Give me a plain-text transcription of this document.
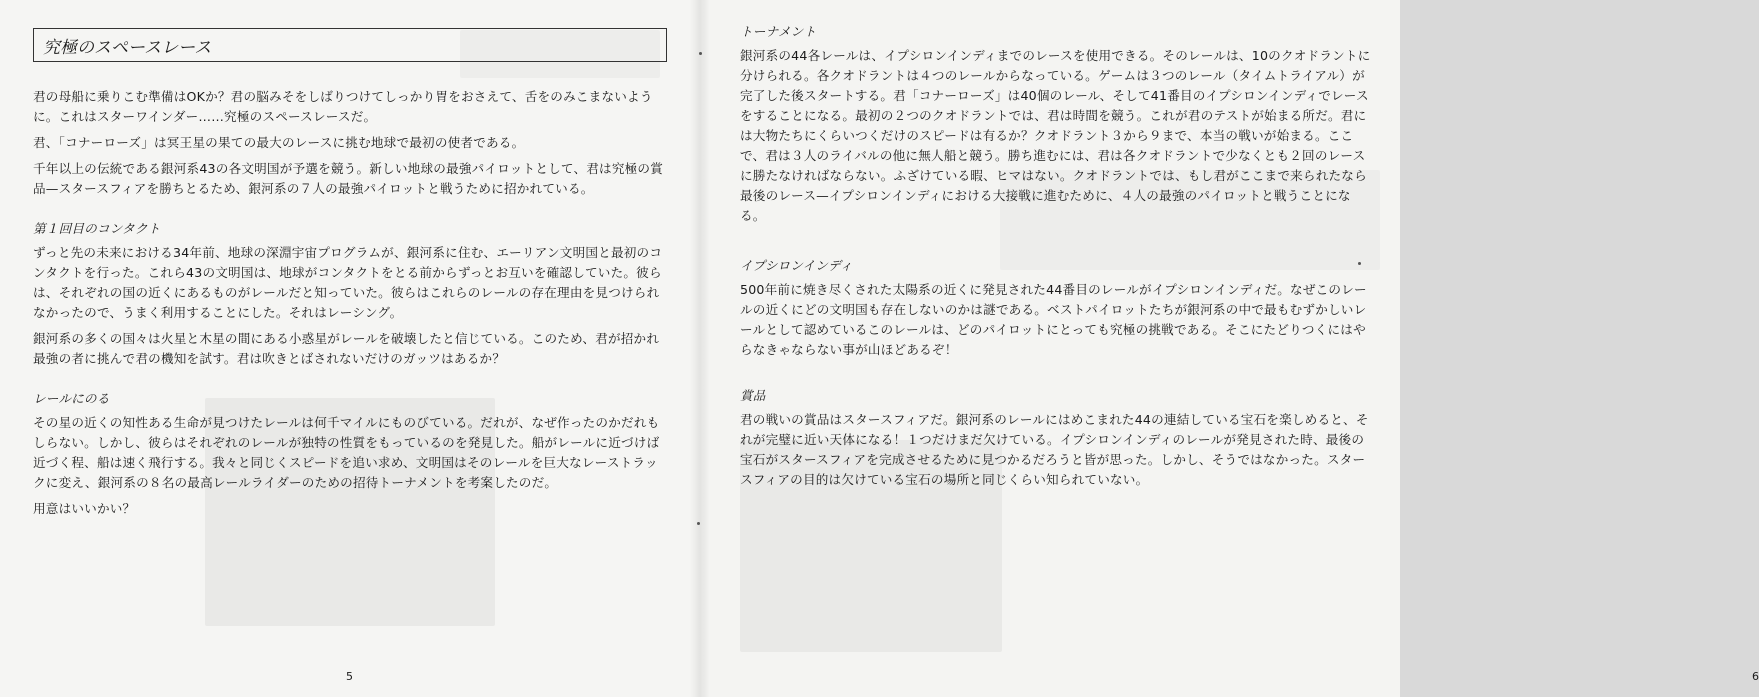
究極のスペースレース

君の母船に乗りこむ準備はOKか？君の脳みそをしばりつけてしっかり胃をおさえて、舌をのみこまないように。これはスターワインダー……究極のスペースレースだ。

君、「コナーローズ」は冥王星の果ての最大のレースに挑む地球で最初の使者である。

千年以上の伝統である銀河系43の各文明国が予選を競う。新しい地球の最強パイロットとして、君は究極の賞品—スタースフィアを勝ちとるため、銀河系の７人の最強パイロットと戦うために招かれている。

第１回目のコンタクト

ずっと先の未来における34年前、地球の深淵宇宙プログラムが、銀河系に住む、エーリアン文明国と最初のコンタクトを行った。これら43の文明国は、地球がコンタクトをとる前からずっとお互いを確認していた。彼らは、それぞれの国の近くにあるものがレールだと知っていた。彼らはこれらのレールの存在理由を見つけられなかったので、うまく利用することにした。それはレーシング。

銀河系の多くの国々は火星と木星の間にある小惑星がレールを破壊したと信じている。このため、君が招かれ最強の者に挑んで君の機知を試す。君は吹きとばされないだけのガッツはあるか？

レールにのる

その星の近くの知性ある生命が見つけたレールは何千マイルにものびている。だれが、なぜ作ったのかだれもしらない。しかし、彼らはそれぞれのレールが独特の性質をもっているのを発見した。船がレールに近づけば近づく程、船は速く飛行する。我々と同じくスピードを追い求め、文明国はそのレールを巨大なレーストラックに変え、銀河系の８名の最高レールライダーのための招待トーナメントを考案したのだ。

用意はいいかい？

5	6
トーナメント

銀河系の44各レールは、イプシロンインディまでのレースを使用できる。そのレールは、10のクオドラントに分けられる。各クオドラントは４つのレールからなっている。ゲームは３つのレール（タイムトライアル）が完了した後スタートする。君「コナーローズ」は40個のレール、そして41番目のイプシロンインディでレースをすることになる。最初の２つのクオドラントでは、君は時間を競う。これが君のテストが始まる所だ。君には大物たちにくらいつくだけのスピードは有るか？クオドラント３から９まで、本当の戦いが始まる。ここで、君は３人のライバルの他に無人船と競う。勝ち進むには、君は各クオドラントで少なくとも２回のレースに勝たなければならない。ふざけている暇、ヒマはない。クオドラントでは、もし君がここまで来られたなら最後のレース—イプシロンインディにおける大接戦に進むために、４人の最強のパイロットと戦うことになる。

イプシロンインディ

500年前に焼き尽くされた太陽系の近くに発見された44番目のレールがイプシロンインディだ。なぜこのレールの近くにどの文明国も存在しないのかは謎である。ベストパイロットたちが銀河系の中で最もむずかしいレールとして認めているこのレールは、どのパイロットにとっても究極の挑戦である。そこにたどりつくにはやらなきゃならない事が山ほどあるぞ！

賞品

君の戦いの賞品はスタースフィアだ。銀河系のレールにはめこまれた44の連結している宝石を楽しめると、それが完璧に近い天体になる！１つだけまだ欠けている。イプシロンインディのレールが発見された時、最後の宝石がスタースフィアを完成させるために見つかるだろうと皆が思った。しかし、そうではなかった。スタースフィアの目的は欠けている宝石の場所と同じくらい知られていない。
